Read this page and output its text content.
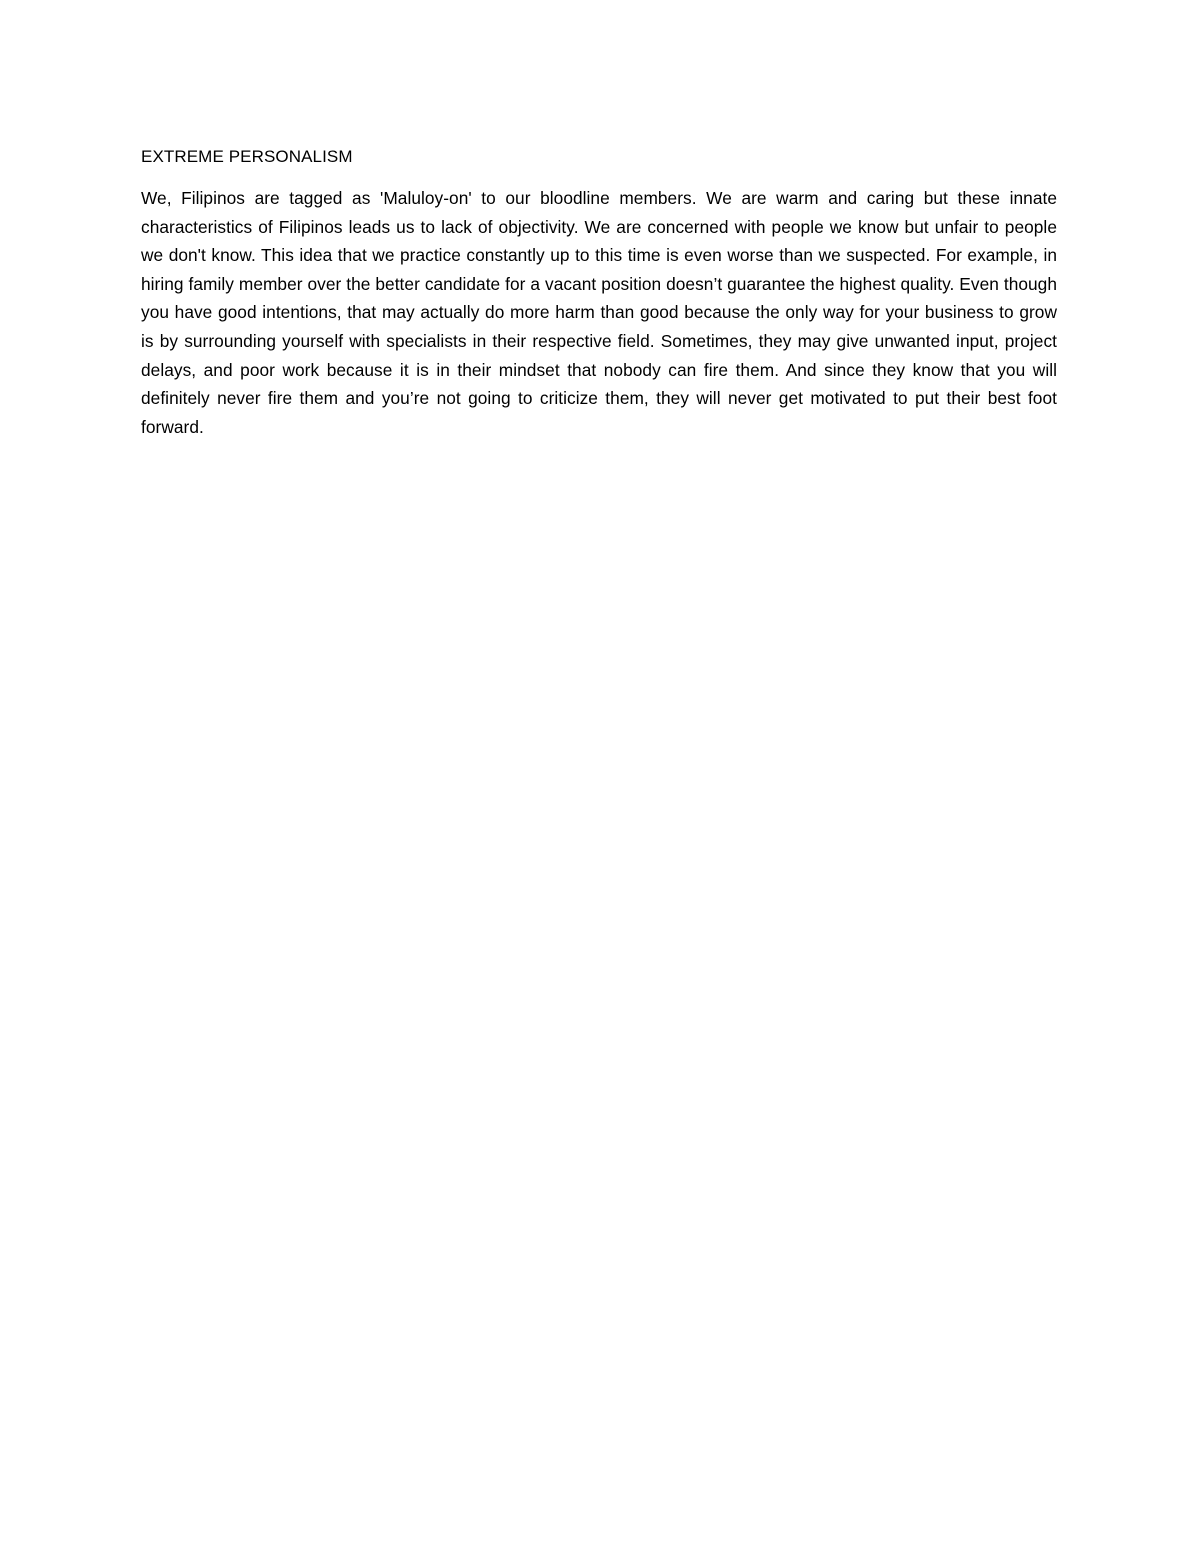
EXTREME PERSONALISM

We, Filipinos are tagged as 'Maluloy-on' to our bloodline members. We are warm and caring but these innate characteristics of Filipinos leads us to lack of objectivity. We are concerned with people we know but unfair to people we don't know. This idea that we practice constantly up to this time is even worse than we suspected. For example, in hiring family member over the better candidate for a vacant position doesn’t guarantee the highest quality. Even though you have good intentions, that may actually do more harm than good because the only way for your business to grow is by surrounding yourself with specialists in their respective field. Sometimes, they may give unwanted input, project delays, and poor work because it is in their mindset that nobody can fire them. And since they know that you will definitely never fire them and you’re not going to criticize them, they will never get motivated to put their best foot forward.
